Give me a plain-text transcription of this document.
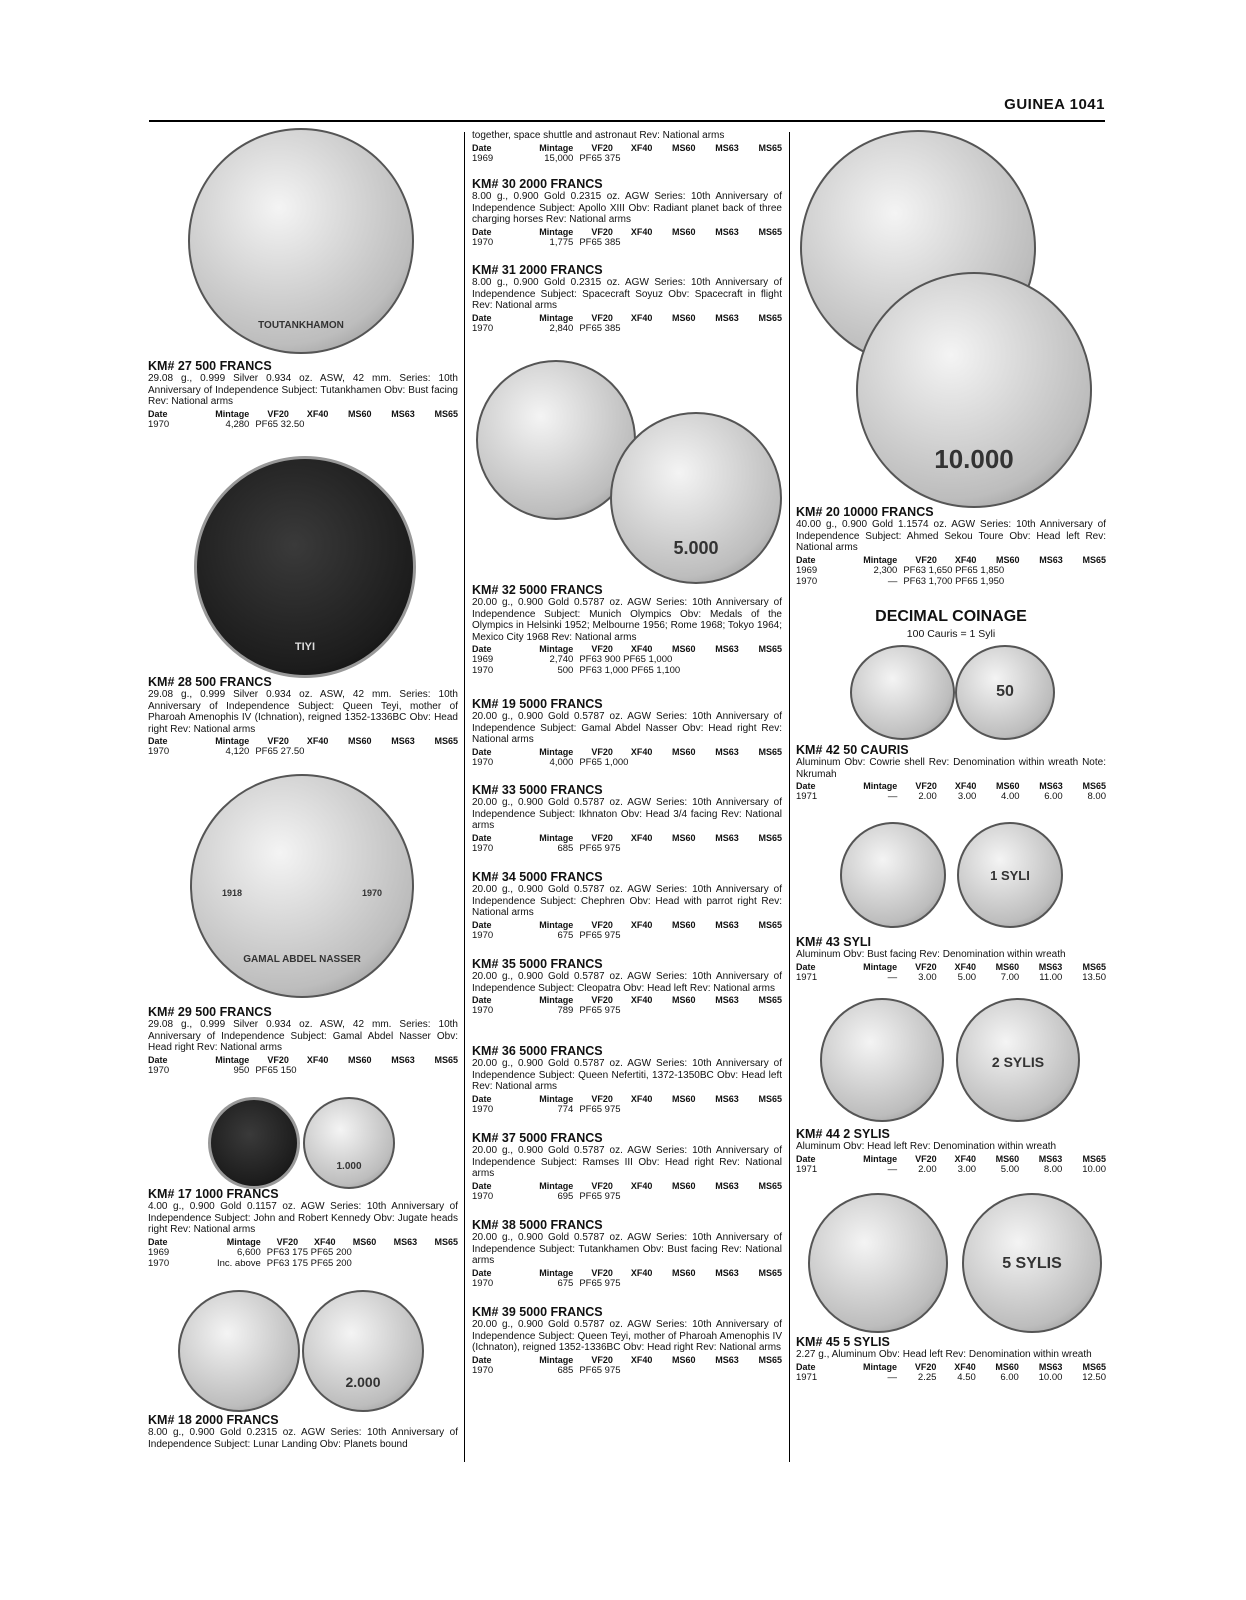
GUINEA 1041
TOUTANKHAMON
TIYI
1918	1970
GAMAL ABDEL NASSER
1.000
2.000
5.000
10.000
50
1 SYLI
2 SYLIS
5 SYLIS
KM# 27 500 FRANCS

29.08 g., 0.999 Silver 0.934 oz. ASW, 42 mm. Series: 10th Anniversary of Independence Subject: Tutankhamen Obv: Bust facing Rev: National arms

Date	Mintage	VF20	XF40	MS60	MS63	MS65
1970	4,280	PF65 32.50				
KM# 28 500 FRANCS

29.08 g., 0.999 Silver 0.934 oz. ASW, 42 mm. Series: 10th Anniversary of Independence Subject: Queen Teyi, mother of Pharoah Amenophis IV (Ichnation), reigned 1352-1336BC Obv: Head right Rev: National arms

Date	Mintage	VF20	XF40	MS60	MS63	MS65
1970	4,120	PF65 27.50				
KM# 29 500 FRANCS

29.08 g., 0.999 Silver 0.934 oz. ASW, 42 mm. Series: 10th Anniversary of Independence Subject: Gamal Abdel Nasser Obv: Head right Rev: National arms

Date	Mintage	VF20	XF40	MS60	MS63	MS65
1970	950	PF65 150				
KM# 17 1000 FRANCS

4.00 g., 0.900 Gold 0.1157 oz. AGW Series: 10th Anniversary of Independence Subject: John and Robert Kennedy Obv: Jugate heads right Rev: National arms

Date	Mintage	VF20	XF40	MS60	MS63	MS65
1969	6,600	PF63 175 PF65 200				
1970	Inc. above	PF63 175 PF65 200				
KM# 18 2000 FRANCS

8.00 g., 0.900 Gold 0.2315 oz. AGW Series: 10th Anniversary of Independence Subject: Lunar Landing Obv: Planets bound

together, space shuttle and astronaut Rev: National arms

Date	Mintage	VF20	XF40	MS60	MS63	MS65
1969	15,000	PF65 375				
KM# 30 2000 FRANCS

8.00 g., 0.900 Gold 0.2315 oz. AGW Series: 10th Anniversary of Independence Subject: Apollo XIII Obv: Radiant planet back of three charging horses Rev: National arms

Date	Mintage	VF20	XF40	MS60	MS63	MS65
1970	1,775	PF65 385				
KM# 31 2000 FRANCS

8.00 g., 0.900 Gold 0.2315 oz. AGW Series: 10th Anniversary of Independence Subject: Spacecraft Soyuz Obv: Spacecraft in flight Rev: National arms

Date	Mintage	VF20	XF40	MS60	MS63	MS65
1970	2,840	PF65 385				
KM# 32 5000 FRANCS

20.00 g., 0.900 Gold 0.5787 oz. AGW Series: 10th Anniversary of Independence Subject: Munich Olympics Obv: Medals of the Olympics in Helsinki 1952; Melbourne 1956; Rome 1968; Tokyo 1964; Mexico City 1968 Rev: National arms

Date	Mintage	VF20	XF40	MS60	MS63	MS65
1969	2,740	PF63 900 PF65 1,000				
1970	500	PF63 1,000 PF65 1,100				
KM# 19 5000 FRANCS

20.00 g., 0.900 Gold 0.5787 oz. AGW Series: 10th Anniversary of Independence Subject: Gamal Abdel Nasser Obv: Head right Rev: National arms

Date	Mintage	VF20	XF40	MS60	MS63	MS65
1970	4,000	PF65 1,000				
KM# 33 5000 FRANCS

20.00 g., 0.900 Gold 0.5787 oz. AGW Series: 10th Anniversary of Independence Subject: Ikhnaton Obv: Head 3/4 facing Rev: National arms

Date	Mintage	VF20	XF40	MS60	MS63	MS65
1970	685	PF65 975				
KM# 34 5000 FRANCS

20.00 g., 0.900 Gold 0.5787 oz. AGW Series: 10th Anniversary of Independence Subject: Chephren Obv: Head with parrot right Rev: National arms

Date	Mintage	VF20	XF40	MS60	MS63	MS65
1970	675	PF65 975				
KM# 35 5000 FRANCS

20.00 g., 0.900 Gold 0.5787 oz. AGW Series: 10th Anniversary of Independence Subject: Cleopatra Obv: Head left Rev: National arms

Date	Mintage	VF20	XF40	MS60	MS63	MS65
1970	789	PF65 975				
KM# 36 5000 FRANCS

20.00 g., 0.900 Gold 0.5787 oz. AGW Series: 10th Anniversary of Independence Subject: Queen Nefertiti, 1372-1350BC Obv: Head left Rev: National arms

Date	Mintage	VF20	XF40	MS60	MS63	MS65
1970	774	PF65 975				
KM# 37 5000 FRANCS

20.00 g., 0.900 Gold 0.5787 oz. AGW Series: 10th Anniversary of Independence Subject: Ramses III Obv: Head right Rev: National arms

Date	Mintage	VF20	XF40	MS60	MS63	MS65
1970	695	PF65 975				
KM# 38 5000 FRANCS

20.00 g., 0.900 Gold 0.5787 oz. AGW Series: 10th Anniversary of Independence Subject: Tutankhamen Obv: Bust facing Rev: National arms

Date	Mintage	VF20	XF40	MS60	MS63	MS65
1970	675	PF65 975				
KM# 39 5000 FRANCS

20.00 g., 0.900 Gold 0.5787 oz. AGW Series: 10th Anniversary of Independence Subject: Queen Teyi, mother of Pharoah Amenophis IV (Ichnaton), reigned 1352-1336BC Obv: Head right Rev: National arms

Date	Mintage	VF20	XF40	MS60	MS63	MS65
1970	685	PF65 975				
KM# 20 10000 FRANCS

40.00 g., 0.900 Gold 1.1574 oz. AGW Series: 10th Anniversary of Independence Subject: Ahmed Sekou Toure Obv: Head left Rev: National arms

Date	Mintage	VF20	XF40	MS60	MS63	MS65
1969	2,300	PF63 1,650 PF65 1,850				
1970	—	PF63 1,700 PF65 1,950				
DECIMAL COINAGE
100 Cauris = 1 Syli
KM# 42 50 CAURIS

Aluminum Obv: Cowrie shell Rev: Denomination within wreath Note: Nkrumah

Date	Mintage	VF20	XF40	MS60	MS63	MS65
1971	—	2.00	3.00	4.00	6.00	8.00
KM# 43 SYLI

Aluminum Obv: Bust facing Rev: Denomination within wreath

Date	Mintage	VF20	XF40	MS60	MS63	MS65
1971	—	3.00	5.00	7.00	11.00	13.50
KM# 44 2 SYLIS

Aluminum Obv: Head left Rev: Denomination within wreath

Date	Mintage	VF20	XF40	MS60	MS63	MS65
1971	—	2.00	3.00	5.00	8.00	10.00
KM# 45 5 SYLIS

2.27 g., Aluminum Obv: Head left Rev: Denomination within wreath

Date	Mintage	VF20	XF40	MS60	MS63	MS65
1971	—	2.25	4.50	6.00	10.00	12.50
